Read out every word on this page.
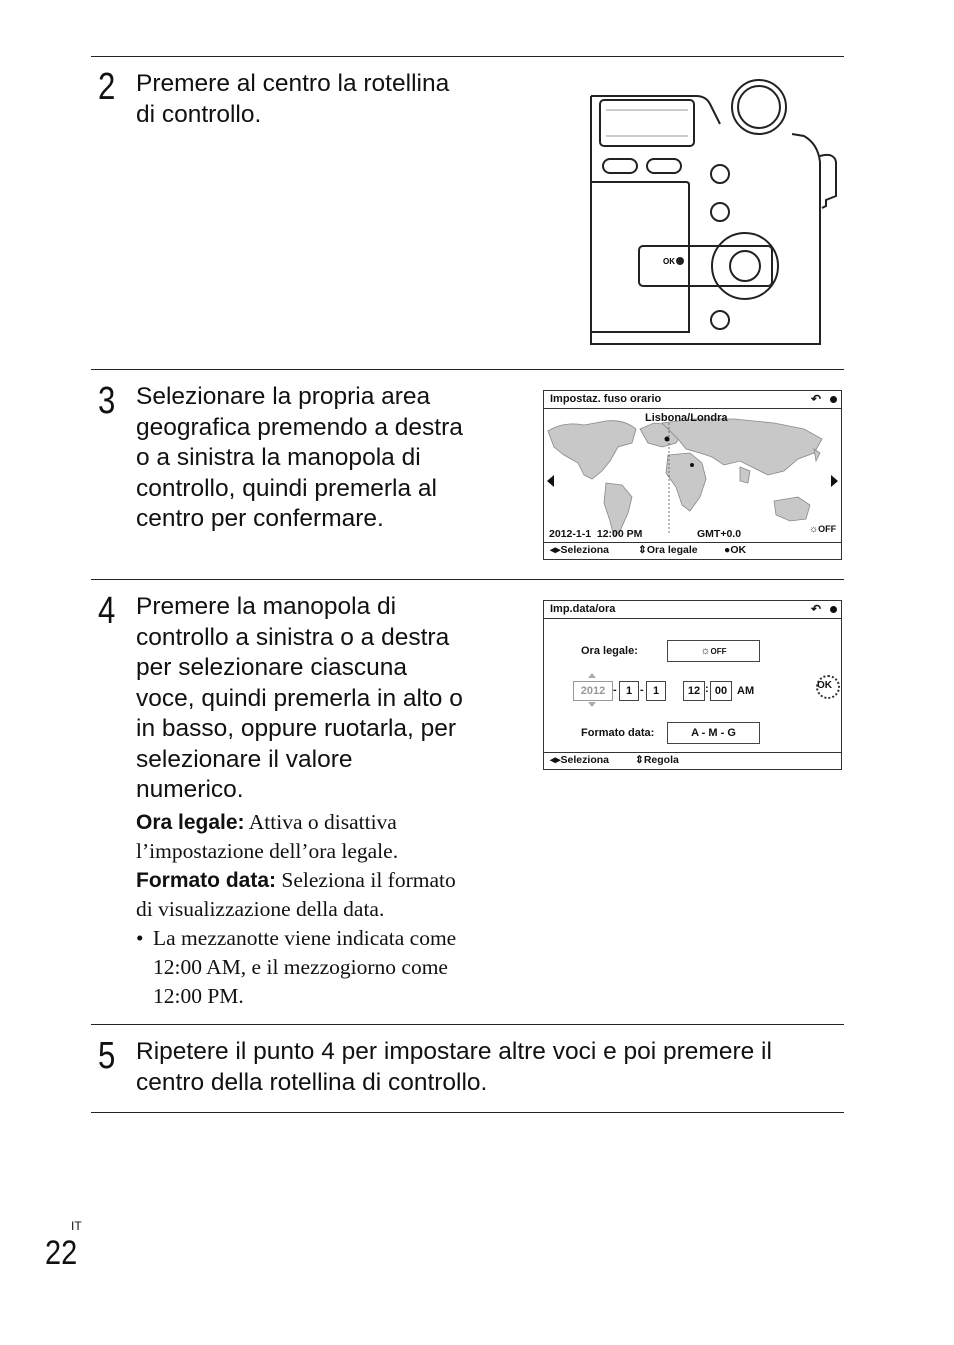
2 Premere al centro la rotellina
di controllo.
OK
3 Selezionare la propria area
geografica premendo a destra
o a sinistra la manopola di
controllo, quindi premerla al
centro per confermare.
Impostaz. fuso orario	↶
Lisbona/Londra
2012-1-1  12:00 PM	GMT+0.0	☼OFF
◂▸Seleziona	⇕Ora legale	●OK
4 Premere la manopola di
controllo a sinistra o a destra
per selezionare ciascuna
voce, quindi premerla in alto o
in basso, oppure ruotarla, per
selezionare il valore
numerico.
Ora legale: Attiva o disattiva
l’impostazione dell’ora legale.
Formato data: Seleziona il formato
di visualizzazione della data.
• La mezzanotte viene indicata come
12:00 AM, e il mezzogiorno come
12:00 PM.
Imp.data/ora	↶
Ora legale:	☼OFF
2012 - 1 - 1	12 : 00 AM	OK
Formato data:	A - M - G
◂▸Seleziona ⇕Regola
5 Ripetere il punto 4 per impostare altre voci e poi premere il
centro della rotellina di controllo.
IT
22
